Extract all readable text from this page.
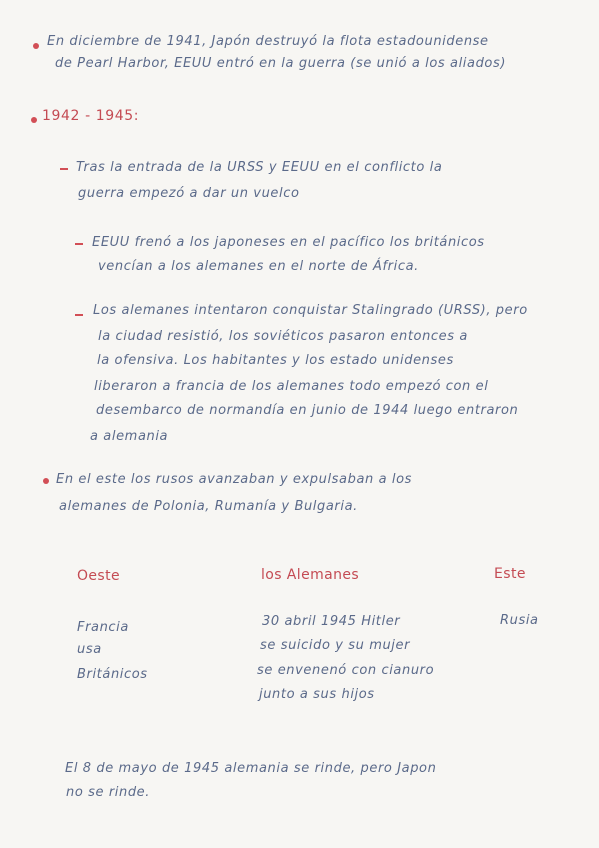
En diciembre de 1941, Japón destruyó la flota estadounidense
de Pearl Harbor, EEUU entró en la guerra (se unió a los aliados)
1942 - 1945:
Tras la entrada de la URSS y EEUU en el conflicto la
guerra empezó a dar un vuelco
EEUU frenó a los japoneses en el pacífico los británicos
vencían a los alemanes en el norte de África.
Los alemanes intentaron conquistar Stalingrado (URSS), pero
la ciudad resistió, los soviéticos pasaron entonces a
la ofensiva. Los habitantes y los estado unidenses
liberaron a francia de los alemanes todo empezó con el
desembarco de normandía en junio de 1944 luego entraron
a alemania
En el este los rusos avanzaban y expulsaban a los
alemanes de Polonia, Rumanía y Bulgaria.
Oeste	los Alemanes	Este
Francia
usa
Británicos
30 abril 1945 Hitler
se suicido y su mujer
se envenenó con cianuro
junto a sus hijos
Rusia
El 8 de mayo de 1945 alemania se rinde, pero Japon
no se rinde.
